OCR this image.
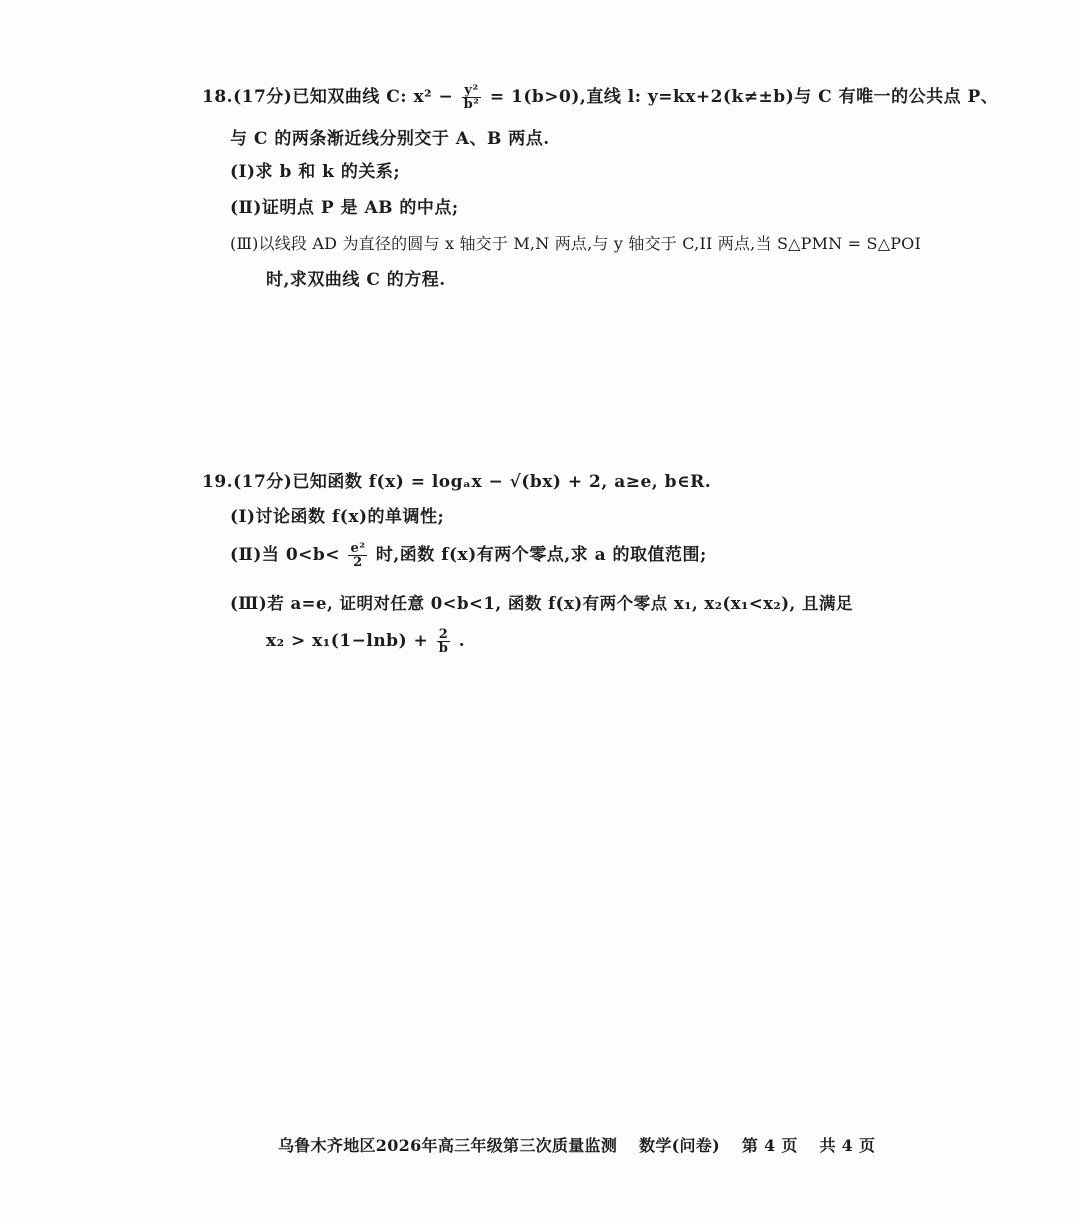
18.(17分)已知双曲线 C: $x^2 - \frac{\text{y²}}{\text{b²}} = 1(b>0)$,直线 l: y=kx+2(k≠±b)与 C 有唯一的公共点 P、
与 C 的两条渐近线分别交于 A、B 两点.
(Ⅰ)求 b 和 k 的关系;
(Ⅱ)证明点 P 是 AB 的中点;
(Ⅲ)以线段 AD 为直径的圆与 x 轴交于 M,N 两点,与 y 轴交于 C,II 两点,当 S△PMN = S△POI
时,求双曲线 C 的方程.
19.(17分)已知函数 f(x) = logₐx − √(bx) + 2, a≥e, b∈R.
(Ⅰ)讨论函数 f(x)的单调性;
(Ⅱ)当 $0<b< \frac{\text{e²}}{2}$ 时,函数 f(x)有两个零点,求 a 的取值范围;
(Ⅲ)若 a=e, 证明对任意 0<b<1, 函数 f(x)有两个零点 x₁, x₂(x₁<x₂), 且满足
$x_2 > x_1(1-\ln b) + \frac{2}{b}$ .
乌鲁木齐地区2026年高三年级第三次质量监测 数学(问卷) 第 4 页 共 4 页
